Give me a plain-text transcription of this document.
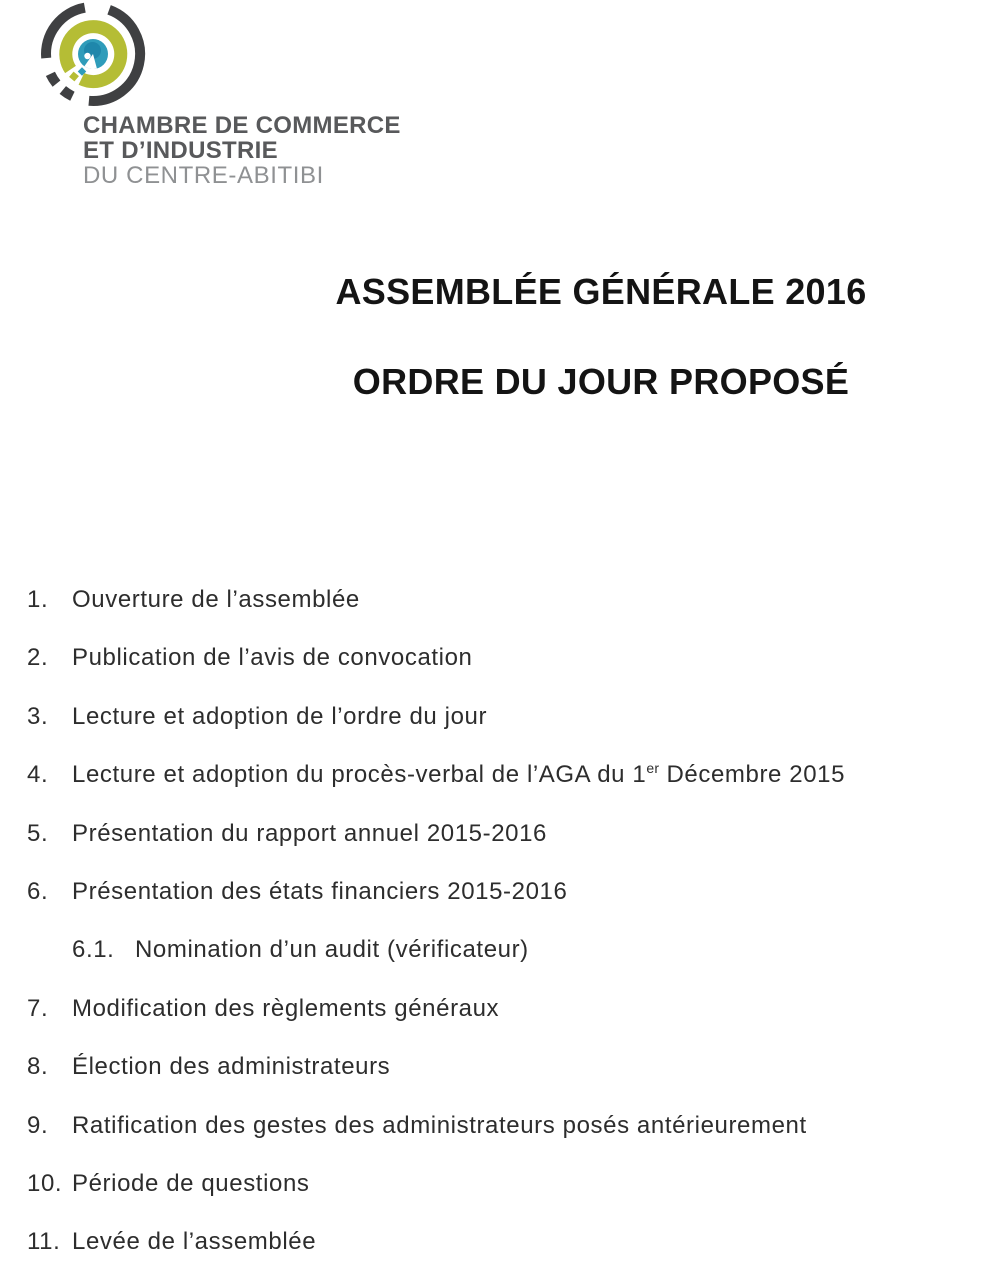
CHAMBRE DE COMMERCE
ET D’INDUSTRIE
DU CENTRE-ABITIBI
ASSEMBLÉE GÉNÉRALE 2016
ORDRE DU JOUR PROPOSÉ
1. Ouverture de l’assemblée
2. Publication de l’avis de convocation
3. Lecture et adoption de l’ordre du jour
4. Lecture et adoption du procès-verbal de l’AGA du 1er Décembre 2015
5. Présentation du rapport annuel 2015-2016
6. Présentation des états financiers 2015-2016
6.1. Nomination d’un audit (vérificateur)
7. Modification des règlements généraux
8. Élection des administrateurs
9. Ratification des gestes des administrateurs posés antérieurement
10. Période de questions
11. Levée de l’assemblée
